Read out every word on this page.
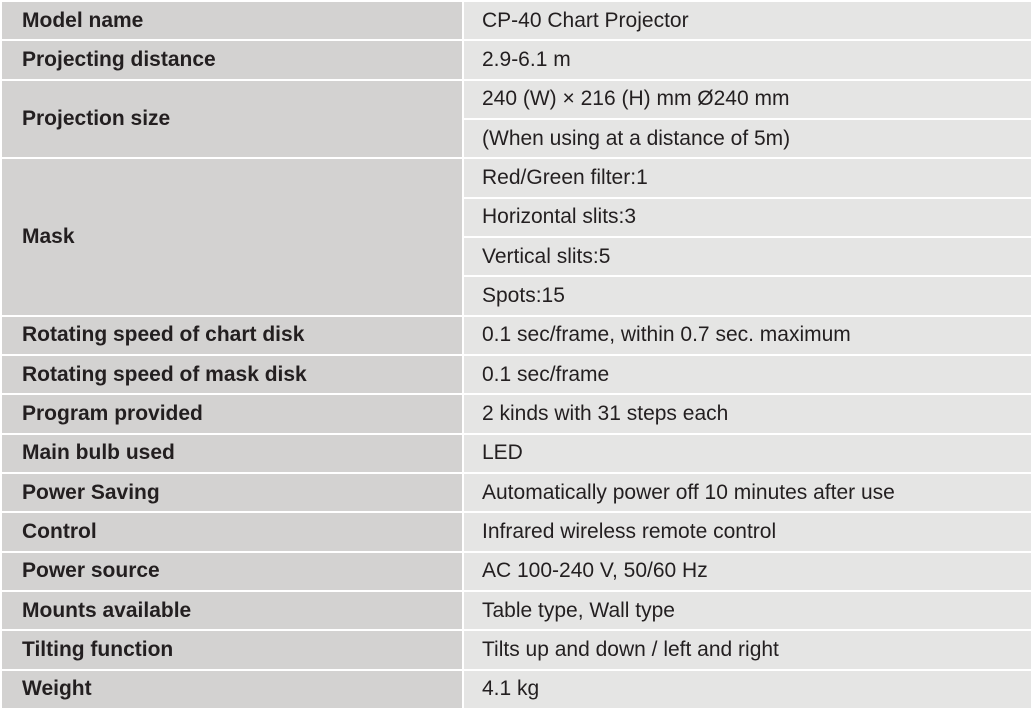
Model name	CP-40 Chart Projector
Projecting distance	2.9-6.1 m
Projection size	240 (W) × 216 (H) mm Ø240 mm
	(When using at a distance of 5m)
Mask	Red/Green filter:1
	Horizontal slits:3
	Vertical slits:5
	Spots:15
Rotating speed of chart disk	0.1 sec/frame, within 0.7 sec. maximum
Rotating speed of mask disk	0.1 sec/frame
Program provided	2 kinds with 31 steps each
Main bulb used	LED
Power Saving	Automatically power off 10 minutes after use
Control	Infrared wireless remote control
Power source	AC 100-240 V, 50/60 Hz
Mounts available	Table type, Wall type
Tilting function	Tilts up and down / left and right
Weight	4.1 kg
